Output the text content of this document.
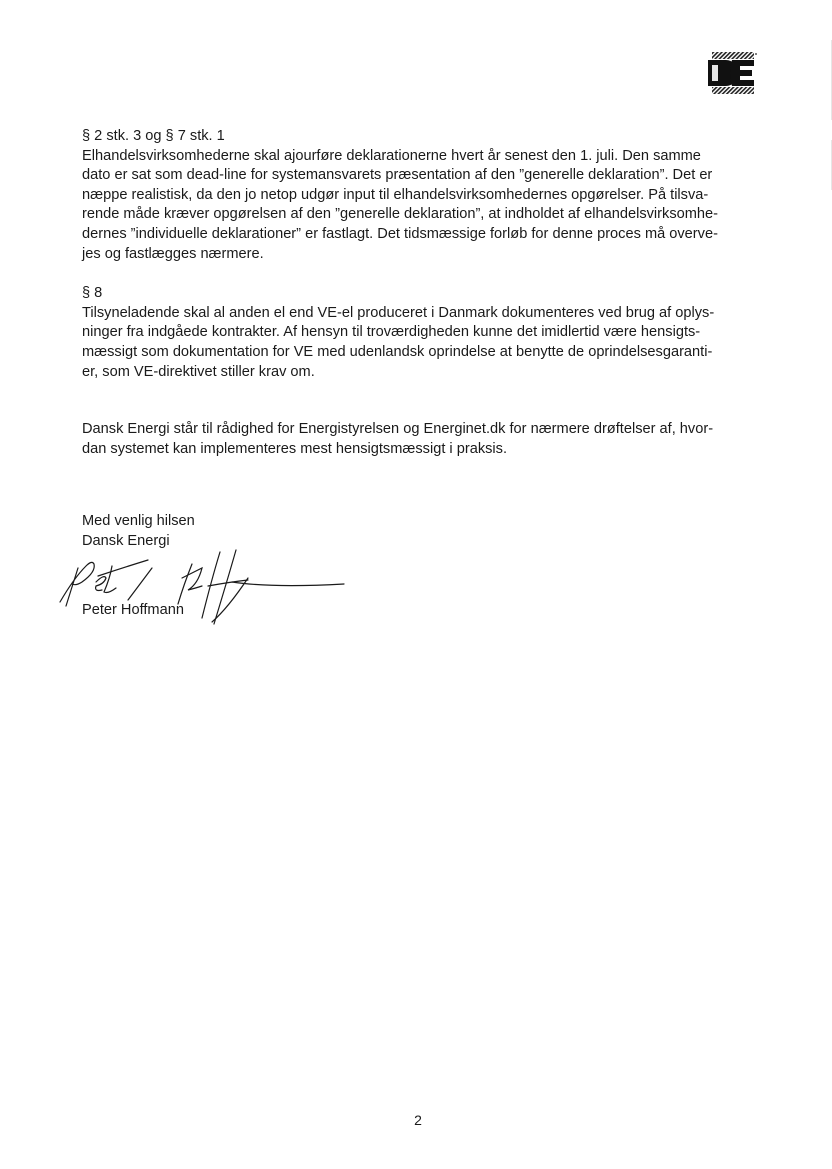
§ 2 stk. 3 og § 7 stk. 1
Elhandelsvirksomhederne skal ajourføre deklarationerne hvert år senest den 1. juli. Den samme
dato er sat som dead-line for systemansvarets præsentation af den ”generelle deklaration”. Det er
næppe realistisk, da den jo netop udgør input til elhandelsvirksomhedernes opgørelser. På tilsva-
rende måde kræver opgørelsen af den ”generelle deklaration”, at indholdet af elhandelsvirksomhe-
dernes ”individuelle deklarationer” er fastlagt. Det tidsmæssige forløb for denne proces må overve-
jes og fastlægges nærmere.
§ 8
Tilsyneladende skal al anden el end VE-el produceret i Danmark dokumenteres ved brug af oplys-
ninger fra indgåede kontrakter. Af hensyn til troværdigheden kunne det imidlertid være hensigts-
mæssigt som dokumentation for VE med udenlandsk oprindelse at benytte de oprindelsesgaranti-
er, som VE-direktivet stiller krav om.
Dansk Energi står til rådighed for Energistyrelsen og Energinet.dk for nærmere drøftelser af, hvor-
dan systemet kan implementeres mest hensigtsmæssigt i praksis.
Med venlig hilsen
Dansk Energi
Peter Hoffmann
2
